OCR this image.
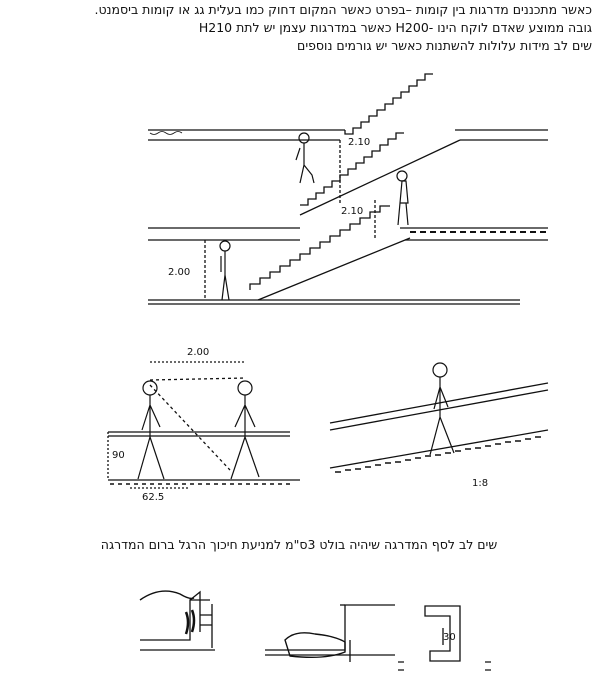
כאשר מתכננים מדרגות בין קומות –בפרט כאשר המקום דחוק כמו בעלית גג או קומות ביסמנט.
גובה ממוצע שאדם לוקח הינו -H200 כאשר במדרגות עצמן יש לתת H210
שים לב מידות עלולות להשתנות כאשר יש גורמים נוספים
2.10
2.10
2.00
2.00
90
62.5
1:8
30
שים לב לסף המדרגה שיהיה בולט 3ס"מ למניעת חיכוך הרגל ברום המדרגה
